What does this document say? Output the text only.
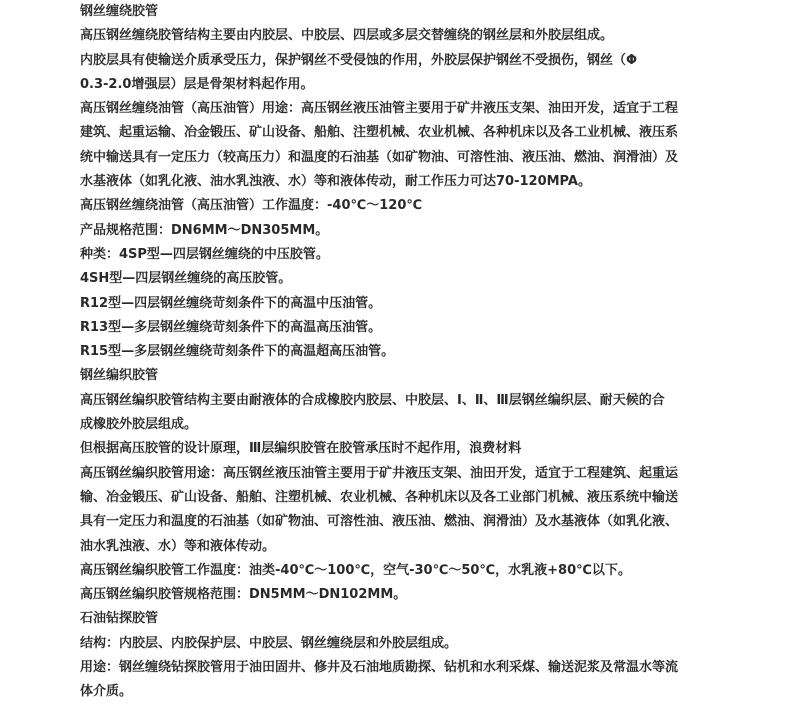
钢丝缠绕胶管
高压钢丝缠绕胶管结构主要由内胶层、中胶层、四层或多层交替缠绕的钢丝层和外胶层组成。
内胶层具有使输送介质承受压力，保护钢丝不受侵蚀的作用，外胶层保护钢丝不受损伤，钢丝（Φ
0.3-2.0增强层）层是骨架材料起作用。
高压钢丝缠绕油管（高压油管）用途：高压钢丝液压油管主要用于矿井液压支架、油田开发，适宜于工程
建筑、起重运输、冶金锻压、矿山设备、船舶、注塑机械、农业机械、各种机床以及各工业机械、液压系
统中输送具有一定压力（较高压力）和温度的石油基（如矿物油、可溶性油、液压油、燃油、润滑油）及
水基液体（如乳化液、油水乳浊液、水）等和液体传动，耐工作压力可达70-120MPA。
高压钢丝缠绕油管（高压油管）工作温度：-40℃～120℃
产品规格范围：DN6MM～DN305MM。
种类：4SP型—四层钢丝缠绕的中压胶管。
4SH型—四层钢丝缠绕的高压胶管。
R12型—四层钢丝缠绕苛刻条件下的高温中压油管。
R13型—多层钢丝缠绕苛刻条件下的高温高压油管。
R15型—多层钢丝缠绕苛刻条件下的高温超高压油管。
钢丝编织胶管
高压钢丝编织胶管结构主要由耐液体的合成橡胶内胶层、中胶层、Ⅰ、Ⅱ、Ⅲ层钢丝编织层、耐天候的合
成橡胶外胶层组成。
但根据高压胶管的设计原理，Ⅲ层编织胶管在胶管承压时不起作用，浪费材料
高压钢丝编织胶管用途：高压钢丝液压油管主要用于矿井液压支架、油田开发，适宜于工程建筑、起重运
输、冶金锻压、矿山设备、船舶、注塑机械、农业机械、各种机床以及各工业部门机械、液压系统中输送
具有一定压力和温度的石油基（如矿物油、可溶性油、液压油、燃油、润滑油）及水基液体（如乳化液、
油水乳浊液、水）等和液体传动。
高压钢丝编织胶管工作温度：油类-40℃～100℃，空气-30℃～50℃，水乳液+80℃以下。
高压钢丝编织胶管规格范围：DN5MM～DN102MM。
石油钻探胶管
结构：内胶层、内胶保护层、中胶层、钢丝缠绕层和外胶层组成。
用途：钢丝缠绕钻探胶管用于油田固井、修井及石油地质勘探、钻机和水利采煤、输送泥浆及常温水等流
体介质。
